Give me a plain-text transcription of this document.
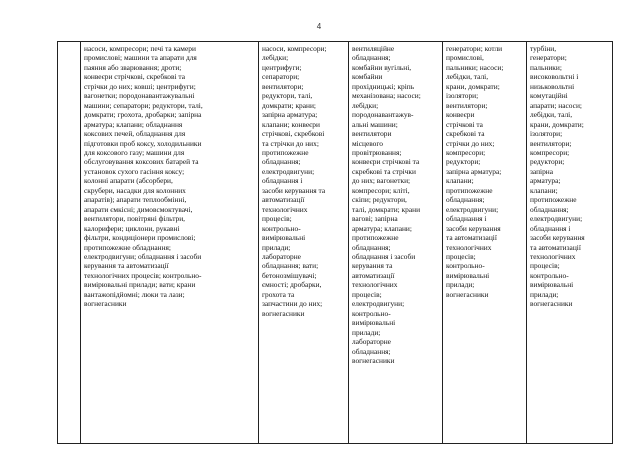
4

насоси, компресори; печі та камери
промислові; машини та апарати для
паяння або зварювання; дроти;
конвеєри стрічкові, скребкові та
стрічки до них; ковші; центрифуги;
вагонетки; породонавантажувальні
машини; сепаратори; редуктори, талі,
домкрати; грохота, дробарки; запірна
арматура; клапани; обладнання
коксових печей, обладнання для
підготовки проб коксу, холодильники
для коксового газу; машини для
обслуговування коксових батарей та
установок сухого гасіння коксу;
колонні апарати (абсорбери,
скрубери, насадки для колонних
апаратів); апарати теплообмінні,
апарати ємкісні; димовсмоктувачі,
вентилятори, повітряні фільтри,
калорифери; циклони, рукавні
фільтри, кондиціонери промислові;
протипожежне обладнання;
електродвигуни; обладнання і засоби
керування та автоматизації
технологічних процесів; контрольно-
вимірювальні прилади; вати; крани
вантажопідйомні; люки та лази;
вогнегасники

насоси, компресори;
лебідки;
центрифуги;
сепаратори;
вентилятори;
редуктори, талі,
домкрати; крани;
запірна арматура;
клапани; конвеєри
стрічкові, скребкові
та стрічки до них;
протипожежне
обладнання;
електродвигуни;
обладнання і
засоби керування та
автоматизації
технологічних
процесів;
контрольно-
вимірювальні
прилади;
лабораторне
обладнання; вати;
бетонозмішувачі;
ємності; дробарки,
грохота та
запчастини до них;
вогнегасники

вентиляційне
обладнання;
комбайни вугільні,
комбайни
прохідницькі; кріпь
механізована; насоси;
лебідки;
породонавантажув-
альні машини;
вентилятори
місцевого
провітрювання;
конвеєри стрічкові та
скребкові та стрічки
до них; вагонетки;
компресори; кліті,
скіпи; редуктори,
талі, домкрати; крани
вагові; запірна
арматура; клапани;
протипожежне
обладнання;
обладнання і засоби
керування та
автоматизації
технологічних
процесів;
електродвигуни;
контрольно-
вимірювальні
прилади;
лабораторне
обладнання;
вогнегасники

генератори; котли
промислові,
пальники; насоси;
лебідки, талі,
крани, домкрати;
ізолятори;
вентилятори;
конвеєри
стрічкові та
скребкові та
стрічки до них;
компресори;
редуктори;
запірна арматура;
клапани;
протипожежне
обладнання;
електродвигуни;
обладнання і
засоби керування
та автоматизації
технологічних
процесів;
контрольно-
вимірювальні
прилади;
вогнегасники

турбіни,
генератори;
пальники;
високовольтні і
низьковольтні
комутаційні
апарати; насоси;
лебідки, талі,
крани, домкрати;
ізолятори;
вентилятори;
компресори;
редуктори;
запірна
арматура;
клапани;
протипожежне
обладнання;
електродвигуни;
обладнання і
засоби керування
та автоматизації
технологічних
процесів;
контрольно-
вимірювальні
прилади;
вогнегасники
